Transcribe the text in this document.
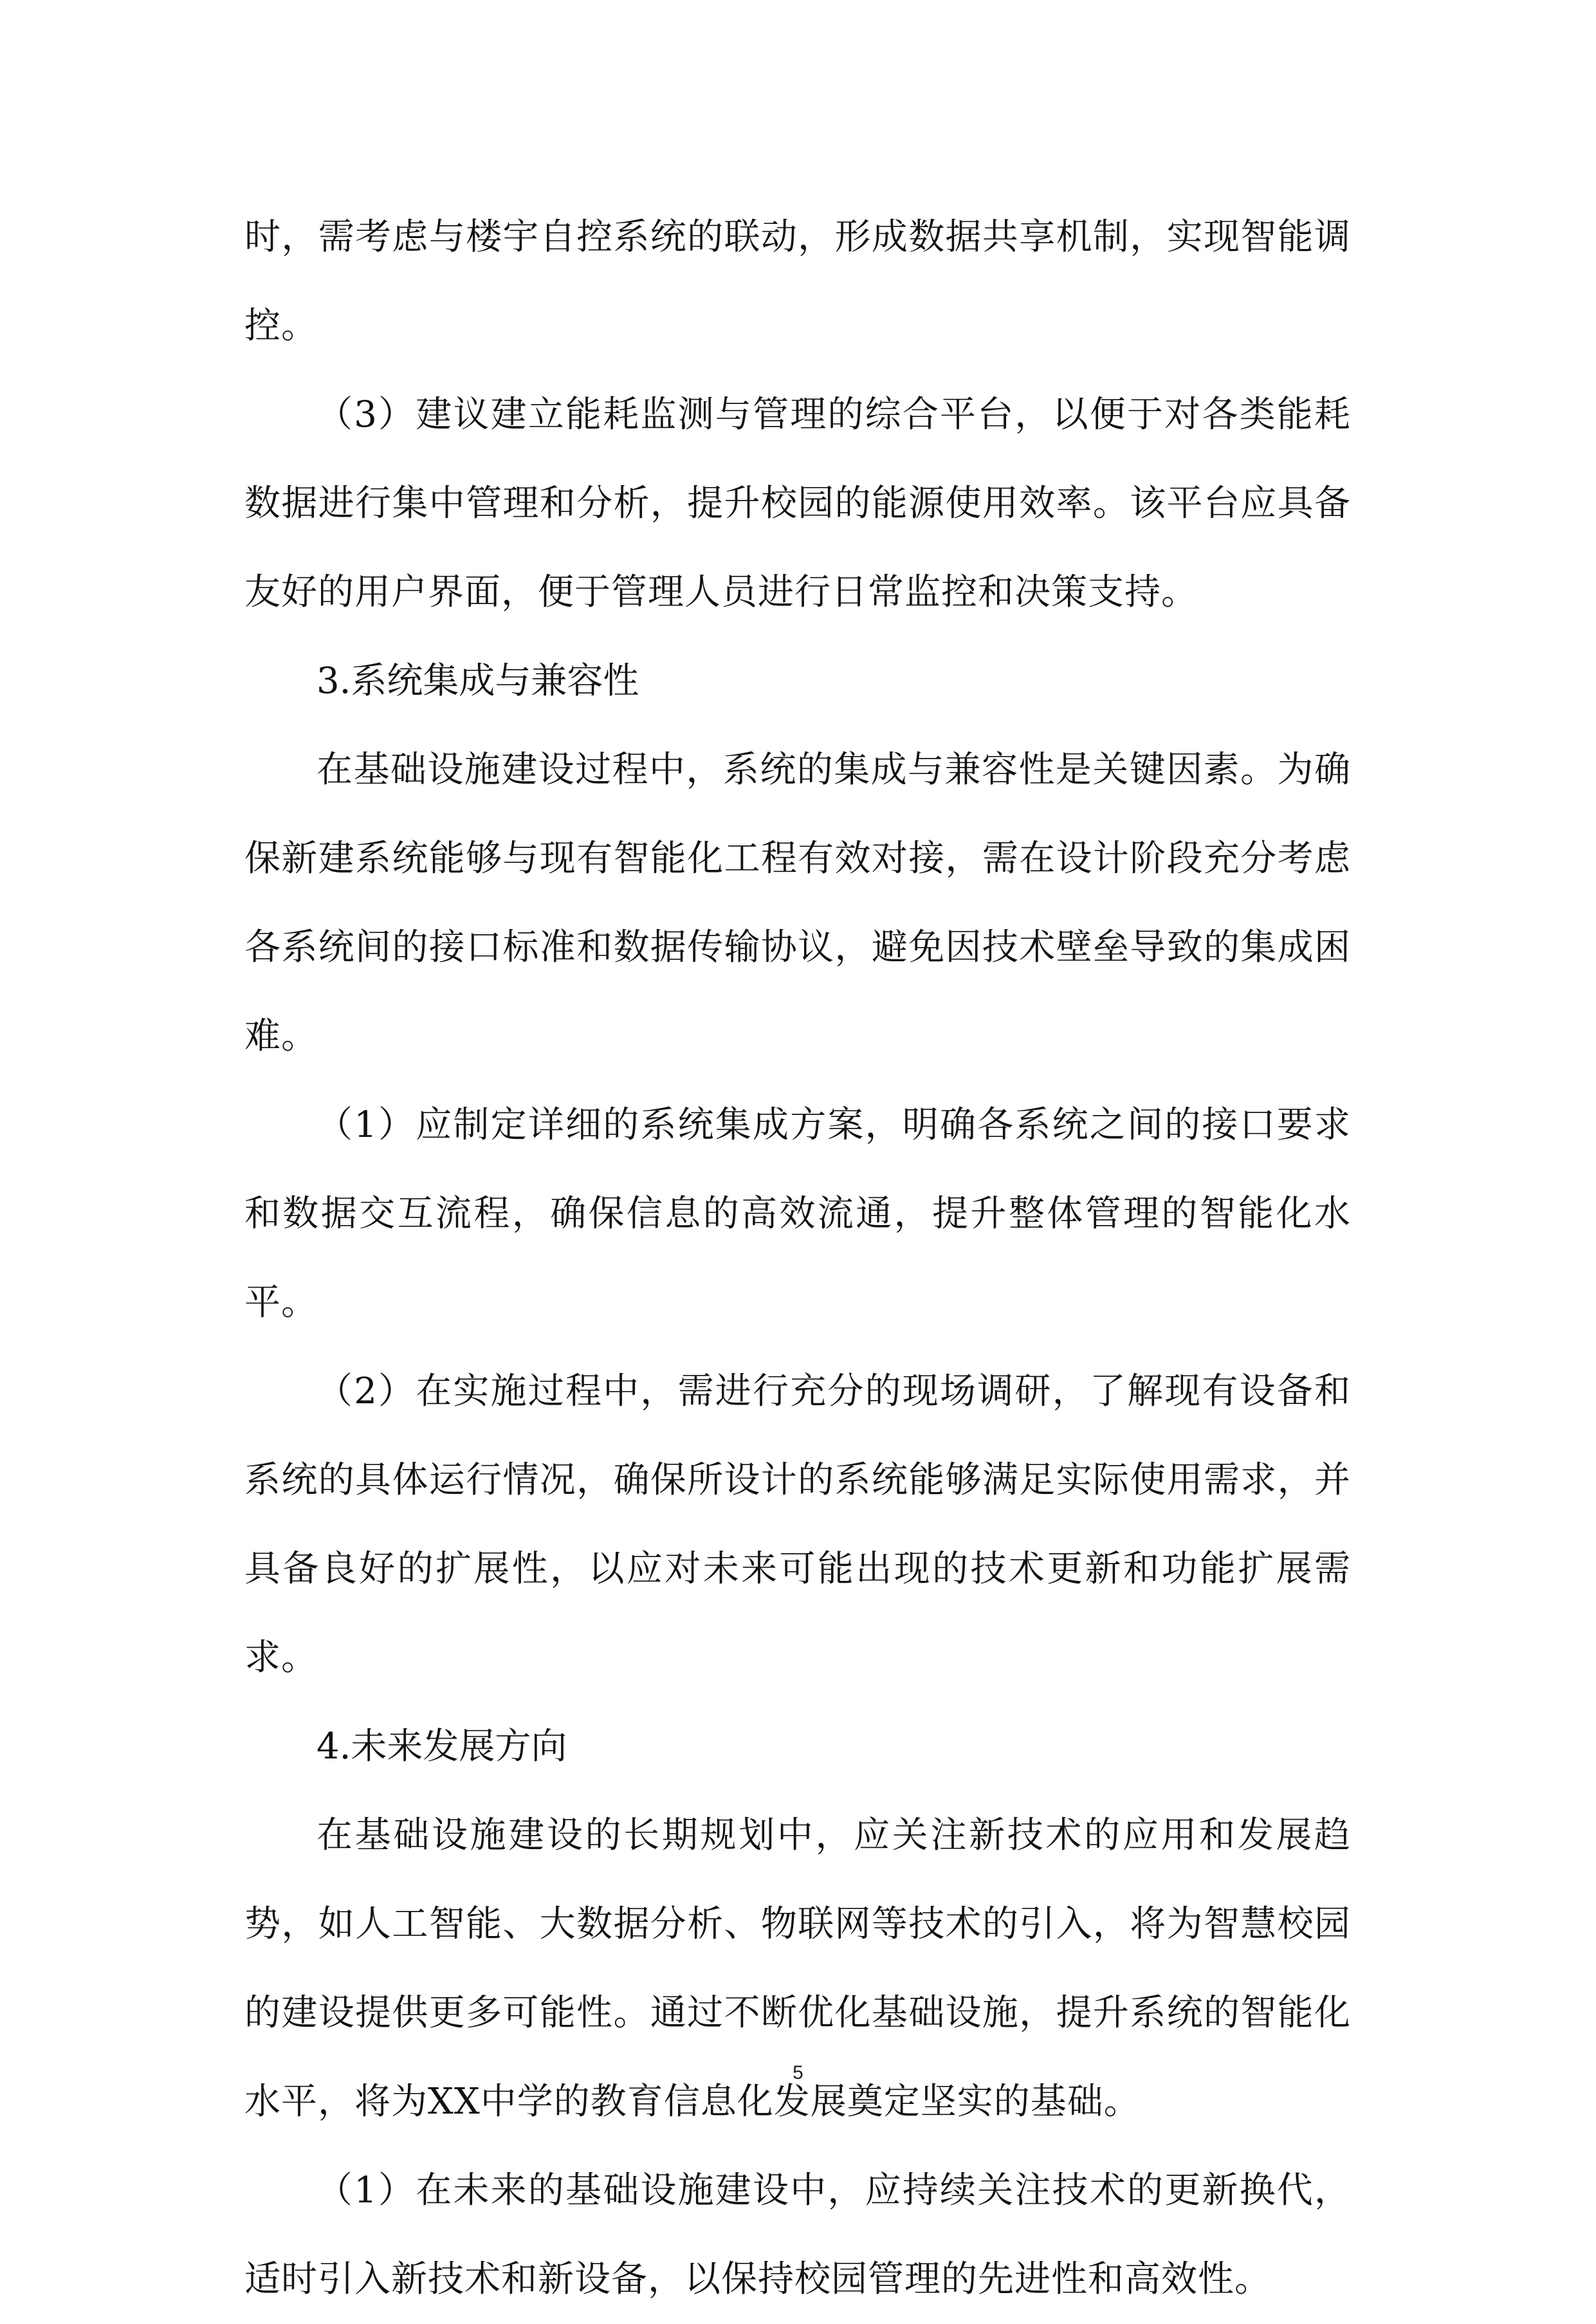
时，需考虑与楼宇自控系统的联动，形成数据共享机制，实现智能调控。

（3）建议建立能耗监测与管理的综合平台，以便于对各类能耗数据进行集中管理和分析，提升校园的能源使用效率。该平台应具备友好的用户界面，便于管理人员进行日常监控和决策支持。

3.系统集成与兼容性

在基础设施建设过程中，系统的集成与兼容性是关键因素。为确保新建系统能够与现有智能化工程有效对接，需在设计阶段充分考虑各系统间的接口标准和数据传输协议，避免因技术壁垒导致的集成困难。

（1）应制定详细的系统集成方案，明确各系统之间的接口要求和数据交互流程，确保信息的高效流通，提升整体管理的智能化水平。

（2）在实施过程中，需进行充分的现场调研，了解现有设备和系统的具体运行情况，确保所设计的系统能够满足实际使用需求，并具备良好的扩展性，以应对未来可能出现的技术更新和功能扩展需求。

4.未来发展方向

在基础设施建设的长期规划中，应关注新技术的应用和发展趋势，如人工智能、大数据分析、物联网等技术的引入，将为智慧校园的建设提供更多可能性。通过不断优化基础设施，提升系统的智能化水平，将为XX中学的教育信息化发展奠定坚实的基础。

（1）在未来的基础设施建设中，应持续关注技术的更新换代，适时引入新技术和新设备，以保持校园管理的先进性和高效性。

5
